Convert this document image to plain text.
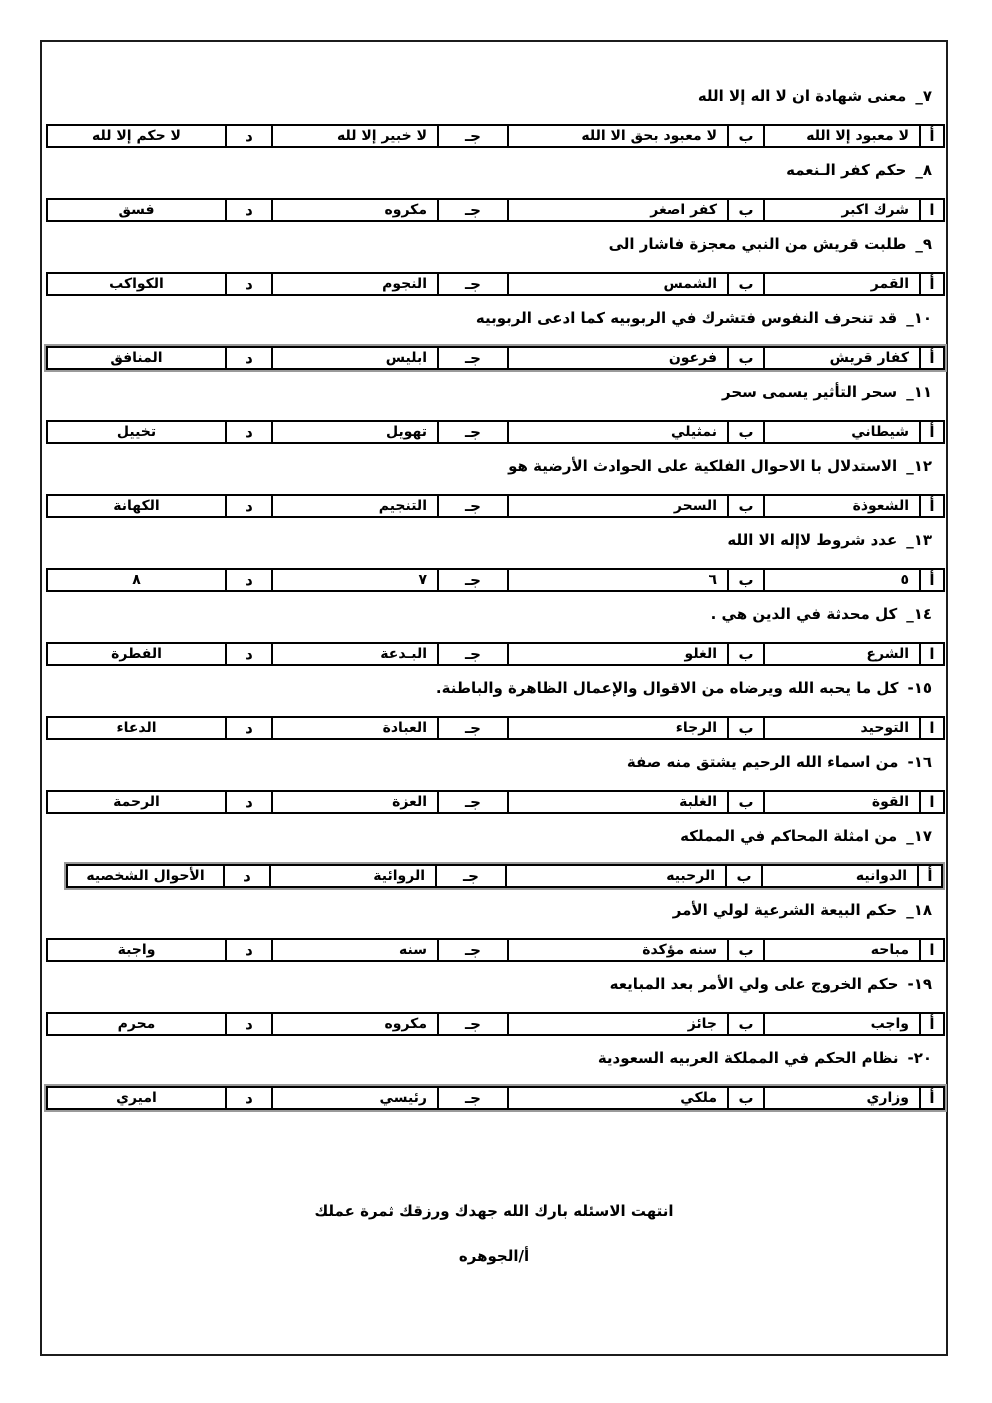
٧_معنى شهادة ان لا اله إلا الله
أ	لا معبود إلا الله	ب	لا معبود بحق الا الله	جـ	لا خبير إلا لله	د	لا حكم إلا لله
٨_حكم كفر الـنعمه
ا	شرك اكبر	ب	كفر اصغر	جـ	مكروه	د	فسق
٩_طلبت قريش من النبي معجزة فاشار الى
أ	القمر	ب	الشمس	جـ	النجوم	د	الكواكب
١٠_قد تنحرف النفوس فتشرك في الربوبيه كما ادعى الربوبيه
أ	كفار قريش	ب	فرعون	جـ	ابليس	د	المنافق
١١_سحر التأثير يسمى سحر
أ	شيطاني	ب	نمثيلي	جـ	تهويل	د	تخييل
١٢_الاستدلال با الاحوال الفلكية على الحوادث الأرضية هو
أ	الشعوذة	ب	السحر	جـ	التنجيم	د	الكهانة
١٣_عدد شروط لاإله الا الله
أ	٥	ب	٦	جـ	٧	د	٨
١٤_كل محدثة في الدين هي .
ا	الشرع	ب	الغلو	جـ	البـدعة	د	الفطرة
١٥-كل ما يحبه الله ويرضاه من الاقوال والإعمال الظاهرة والباطنة.
ا	التوحيد	ب	الرجاء	جـ	العبادة	د	الدعاء
١٦-من اسماء الله الرحيم يشتق منه صفة
ا	القوة	ب	الغلبة	جـ	العزة	د	الرحمة
١٧_من امثلة المحاكم في المملكه
أ	الدوانيه	ب	الرحبيه	جـ	الروائية	د	الأحوال الشخصيه
١٨_حكم البيعة الشرعية لولي الأمر
ا	مباحه	ب	سنه مؤكدة	جـ	سنه	د	واجبة
١٩-حكم الخروج على ولي الأمر بعد المبايعه
أ	واجب	ب	جائز	جـ	مكروه	د	محرم
٢٠-نظام الحكم في المملكة العربيه السعودية
أ	وزاري	ب	ملكي	جـ	رئيسي	د	اميري
انتهت الاسئله بارك الله جهدك ورزقك ثمرة عملك
أ/الجوهره
